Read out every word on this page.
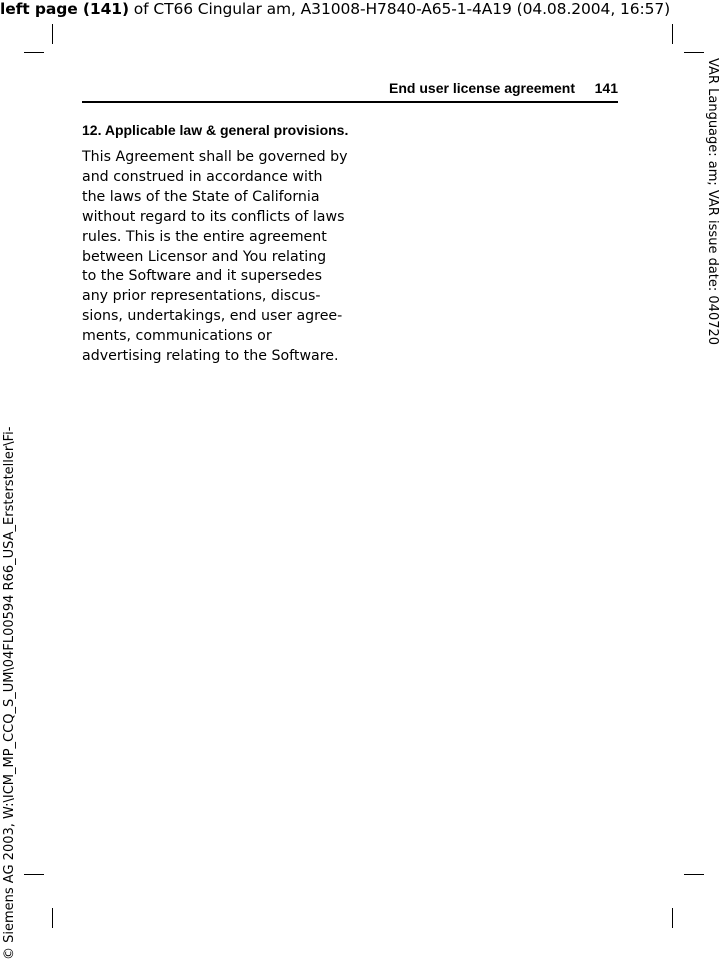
left page (141) of CT66 Cingular am, A31008-H7840-A65-1-4A19 (04.08.2004, 16:57)
VAR Language: am; VAR issue date: 040720
© Siemens AG 2003, W:\ICM_MP_CCQ_S_UM\04FL00594 R66_USA_Erstersteller\Fi-
End user license agreement 141
12. Applicable law & general provisions.
This Agreement shall be governed by
and construed in accordance with
the laws of the State of California
without regard to its conflicts of laws
rules. This is the entire agreement
between Licensor and You relating
to the Software and it supersedes
any prior representations, discus-
sions, undertakings, end user agree-
ments, communications or
advertising relating to the Software.
